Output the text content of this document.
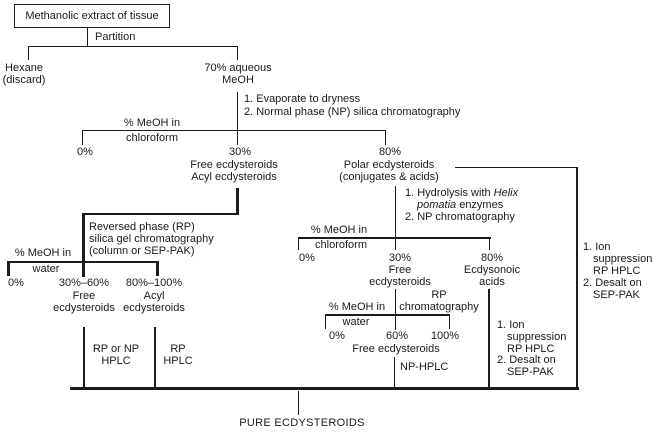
Methanolic extract of tissue
Partition
Hexane
(discard)
70% aqueous
MeOH
1. Evaporate to dryness
2. Normal phase (NP) silica chromatography
% MeOH in
chloroform
0%	30%	80%
Free ecdysteroids
Acyl ecdysteroids
Polar ecdysteroids
(conjugates & acids)
Reversed phase (RP)
silica gel chromatography
(column or SEP-PAK)
% MeOH in
water
0%	30%–60% 80%–100%
Free
ecdysteroids
Acyl
ecdysteroids
RP or NP
HPLC
RP
HPLC
1. Hydrolysis with Helix
pomatia enzymes
2. NP chromatography
% MeOH in
chloroform
0%	30%	80%
Free
ecdysteroids
Ecdysonoic
acids
RP
chromatography
% MeOH in
water
0%	60% 100%
Free ecdysteroids
NP-HPLC
1. Ion
suppression
RP HPLC
2. Desalt on
SEP-PAK
1. Ion
suppression
RP HPLC
2. Desalt on
SEP-PAK
PURE ECDYSTEROIDS
